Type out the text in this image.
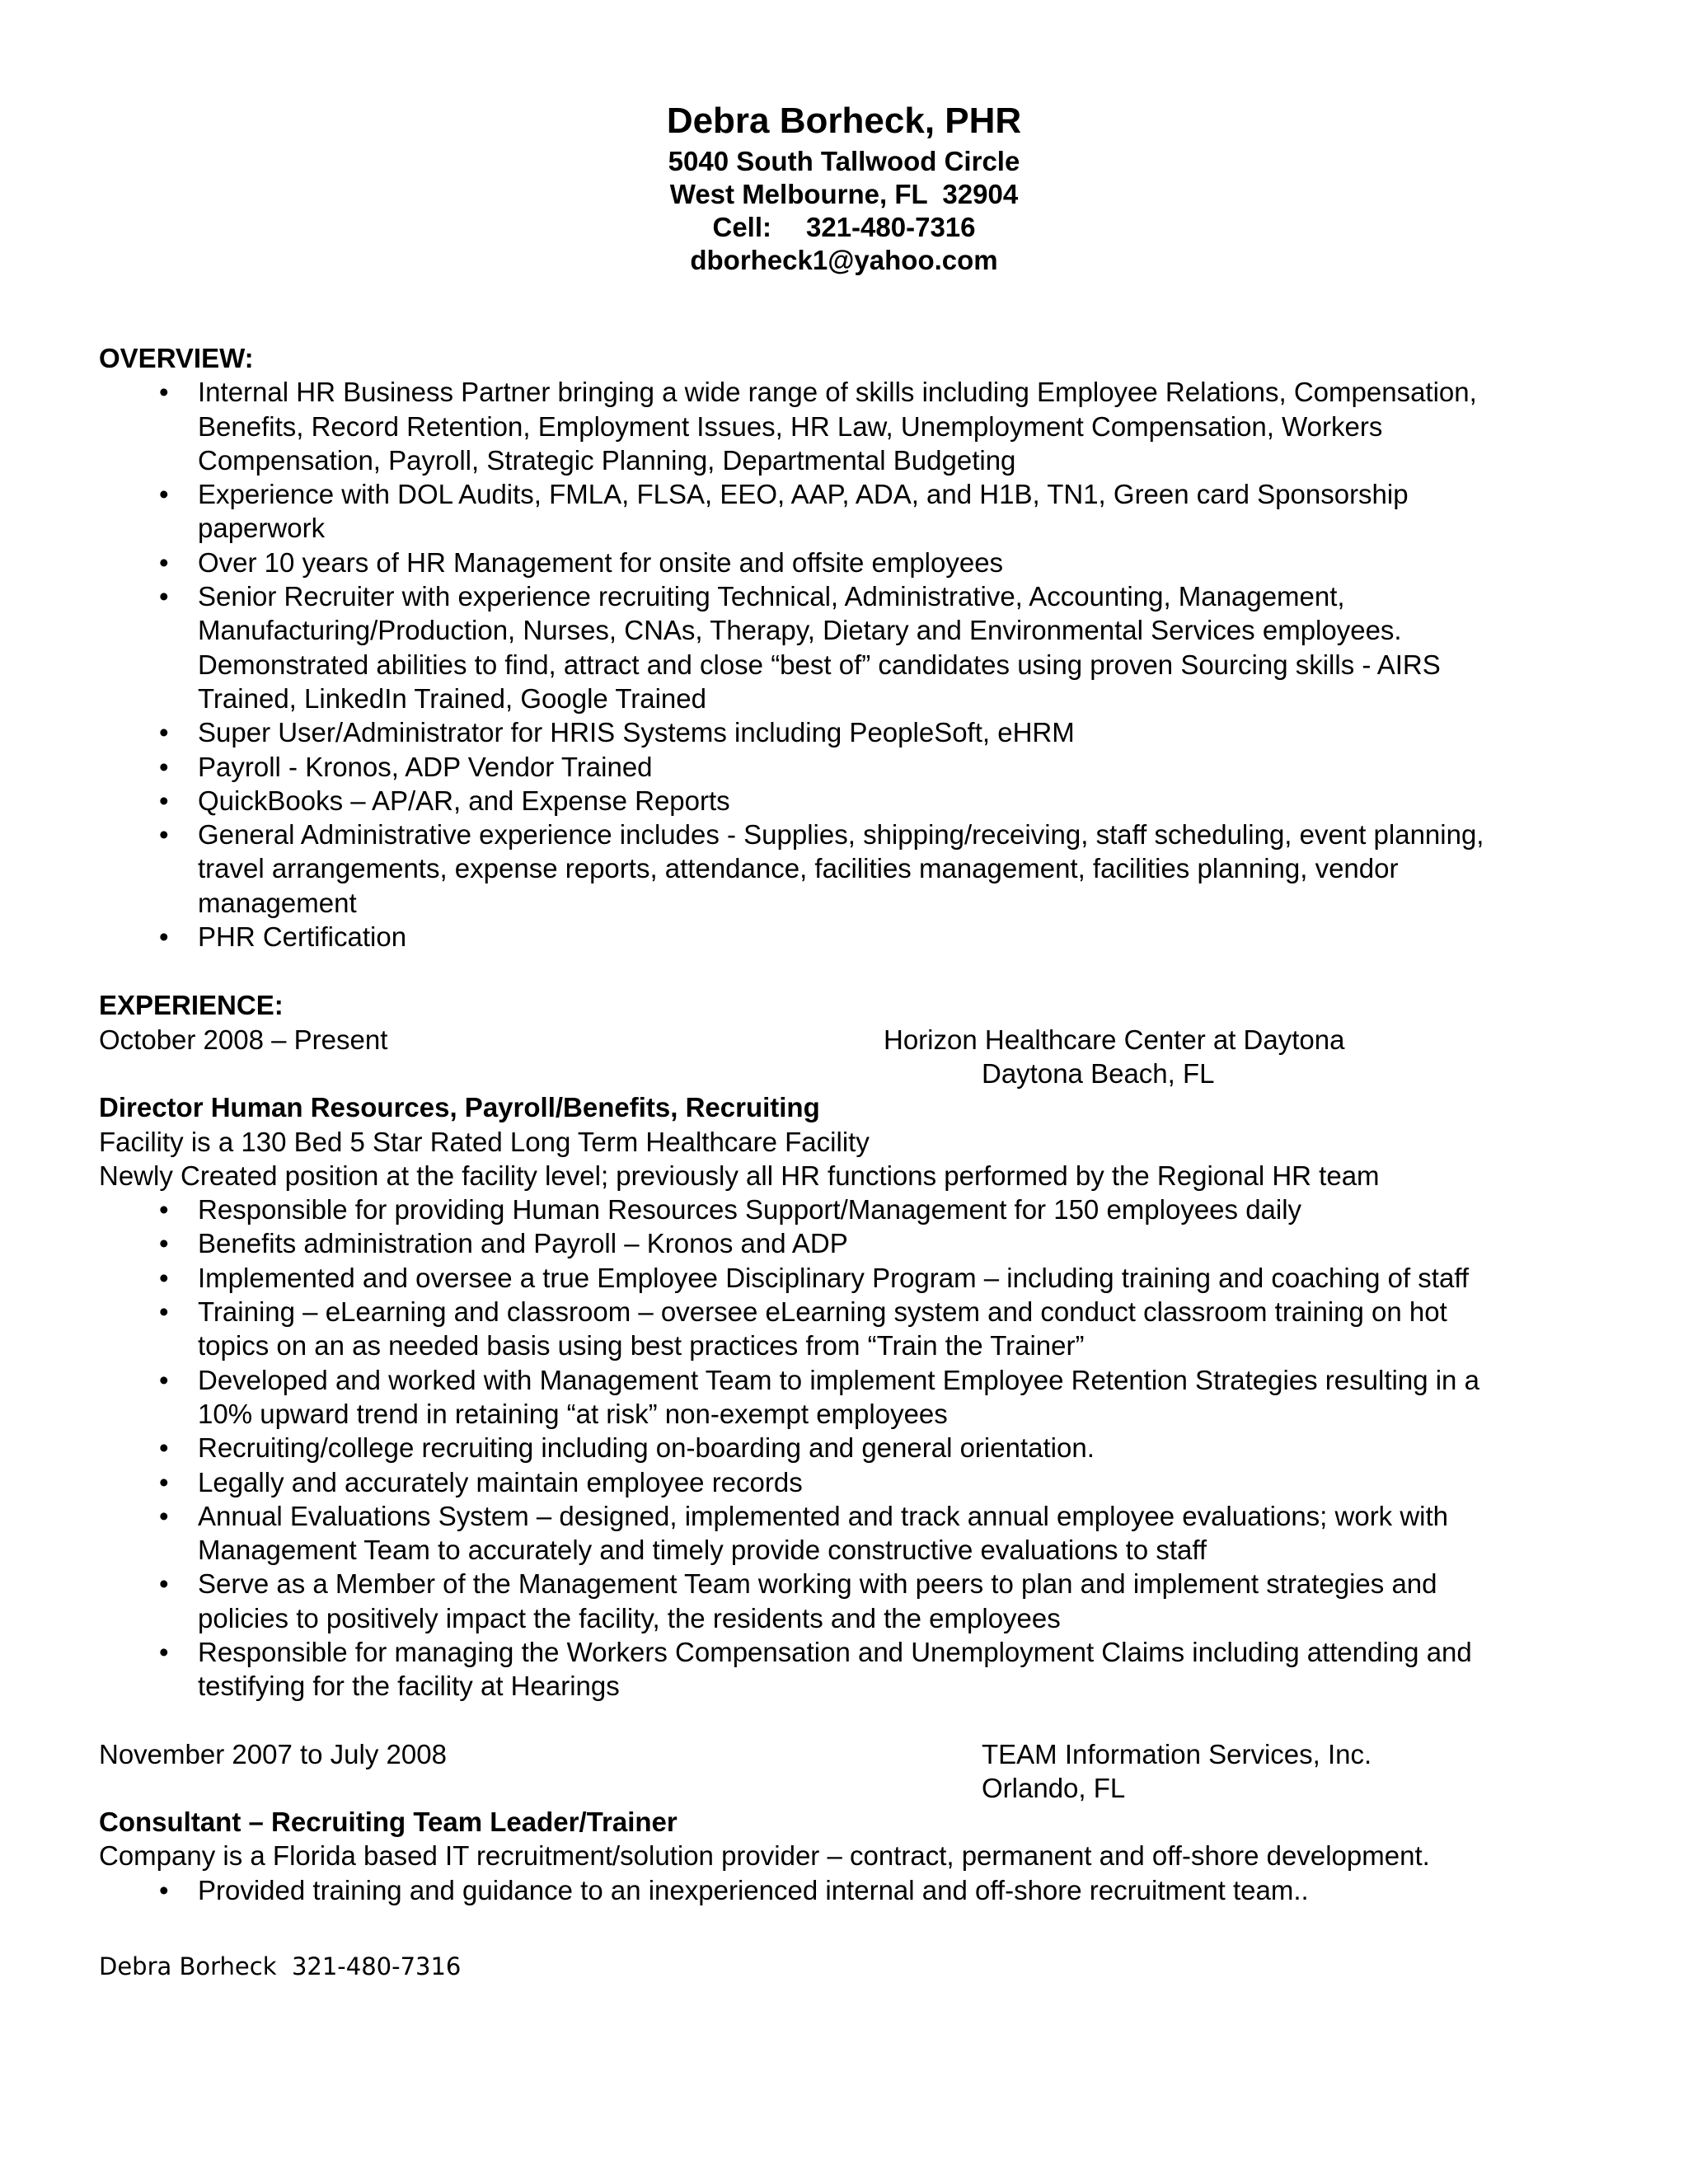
Debra Borheck, PHR
5040 South Tallwood Circle
West Melbourne, FL  32904
Cell: 321-480-7316
dborheck1@yahoo.com
OVERVIEW:
• Internal HR Business Partner bringing a wide range of skills including Employee Relations, Compensation,
Benefits, Record Retention, Employment Issues, HR Law, Unemployment Compensation, Workers
Compensation, Payroll, Strategic Planning, Departmental Budgeting
• Experience with DOL Audits, FMLA, FLSA, EEO, AAP, ADA, and H1B, TN1, Green card Sponsorship
paperwork
• Over 10 years of HR Management for onsite and offsite employees
• Senior Recruiter with experience recruiting Technical, Administrative, Accounting, Management,
Manufacturing/Production, Nurses, CNAs, Therapy, Dietary and Environmental Services employees.
Demonstrated abilities to find, attract and close “best of” candidates using proven Sourcing skills - AIRS
Trained, LinkedIn Trained, Google Trained
• Super User/Administrator for HRIS Systems including PeopleSoft, eHRM
• Payroll - Kronos, ADP Vendor Trained
• QuickBooks – AP/AR, and Expense Reports
• General Administrative experience includes - Supplies, shipping/receiving, staff scheduling, event planning,
travel arrangements, expense reports, attendance, facilities management, facilities planning, vendor
management
• PHR Certification
EXPERIENCE:
October 2008 – Present	Horizon Healthcare Center at Daytona
Daytona Beach, FL
Director Human Resources, Payroll/Benefits, Recruiting
Facility is a 130 Bed 5 Star Rated Long Term Healthcare Facility
Newly Created position at the facility level; previously all HR functions performed by the Regional HR team
• Responsible for providing Human Resources Support/Management for 150 employees daily
• Benefits administration and Payroll – Kronos and ADP
• Implemented and oversee a true Employee Disciplinary Program – including training and coaching of staff
• Training – eLearning and classroom – oversee eLearning system and conduct classroom training on hot
topics on an as needed basis using best practices from “Train the Trainer”
• Developed and worked with Management Team to implement Employee Retention Strategies resulting in a
10% upward trend in retaining “at risk” non-exempt employees
• Recruiting/college recruiting including on-boarding and general orientation.
• Legally and accurately maintain employee records
• Annual Evaluations System – designed, implemented and track annual employee evaluations; work with
Management Team to accurately and timely provide constructive evaluations to staff
• Serve as a Member of the Management Team working with peers to plan and implement strategies and
policies to positively impact the facility, the residents and the employees
• Responsible for managing the Workers Compensation and Unemployment Claims including attending and
testifying for the facility at Hearings
November 2007 to July 2008	TEAM Information Services, Inc.
Orlando, FL
Consultant – Recruiting Team Leader/Trainer
Company is a Florida based IT recruitment/solution provider – contract, permanent and off-shore development.
• Provided training and guidance to an inexperienced internal and off-shore recruitment team..
Debra Borheck  321-480-7316
